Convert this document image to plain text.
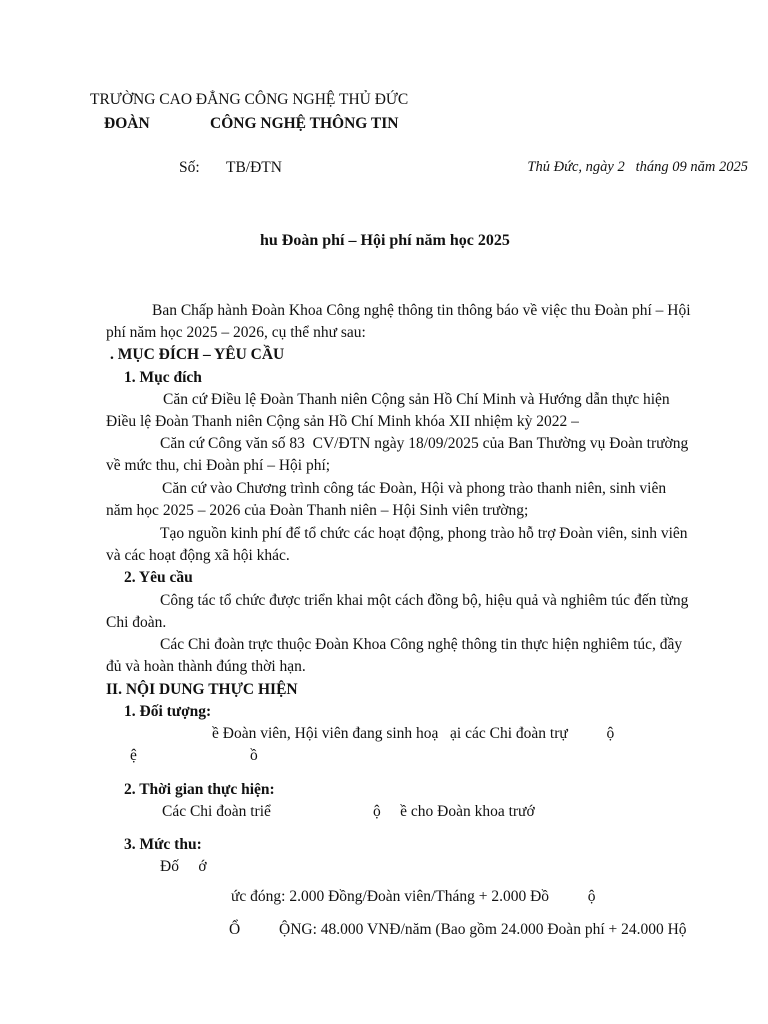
TRƯỜNG CAO ĐẲNG CÔNG NGHỆ THỦ ĐỨC
ĐOÀN	CÔNG NGHỆ THÔNG TIN
Số: TB/ĐTN	Thủ Đức, ngày 2   tháng 09 năm 2025
hu Đoàn phí – Hội phí năm học 2025
Ban Chấp hành Đoàn Khoa Công nghệ thông tin thông báo về việc thu Đoàn phí – Hội
phí năm học 2025 – 2026, cụ thể như sau:
. MỤC ĐÍCH – YÊU CẦU
1. Mục đích
Căn cứ Điều lệ Đoàn Thanh niên Cộng sản Hồ Chí Minh và Hướng dẫn thực hiện
Điều lệ Đoàn Thanh niên Cộng sản Hồ Chí Minh khóa XII nhiệm kỳ 2022 –
Căn cứ Công văn số 83  CV/ĐTN ngày 18/09/2025 của Ban Thường vụ Đoàn trường
về mức thu, chi Đoàn phí – Hội phí;
Căn cứ vào Chương trình công tác Đoàn, Hội và phong trào thanh niên, sinh viên
năm học 2025 – 2026 của Đoàn Thanh niên – Hội Sinh viên trường;
Tạo nguồn kinh phí để tổ chức các hoạt động, phong trào hỗ trợ Đoàn viên, sinh viên
và các hoạt động xã hội khác.
2. Yêu cầu
Công tác tổ chức được triển khai một cách đồng bộ, hiệu quả và nghiêm túc đến từng
Chi đoàn.
Các Chi đoàn trực thuộc Đoàn Khoa Công nghệ thông tin thực hiện nghiêm túc, đầy
đủ và hoàn thành đúng thời hạn.
II. NỘI DUNG THỰC HIỆN
1. Đối tượng:
ề Đoàn viên, Hội viên đang sinh hoạ   ại các Chi đoàn trự          ộ
ệ	ồ
2. Thời gian thực hiện:
Các Chi đoàn triể	ộ     ề cho Đoàn khoa trướ
3. Mức thu:
Đố     ớ
ức đóng: 2.000 Đồng/Đoàn viên/Tháng + 2.000 Đồ          ộ
Ổ	ỘNG: 48.000 VNĐ/năm (Bao gồm 24.000 Đoàn phí + 24.000 Hộ
